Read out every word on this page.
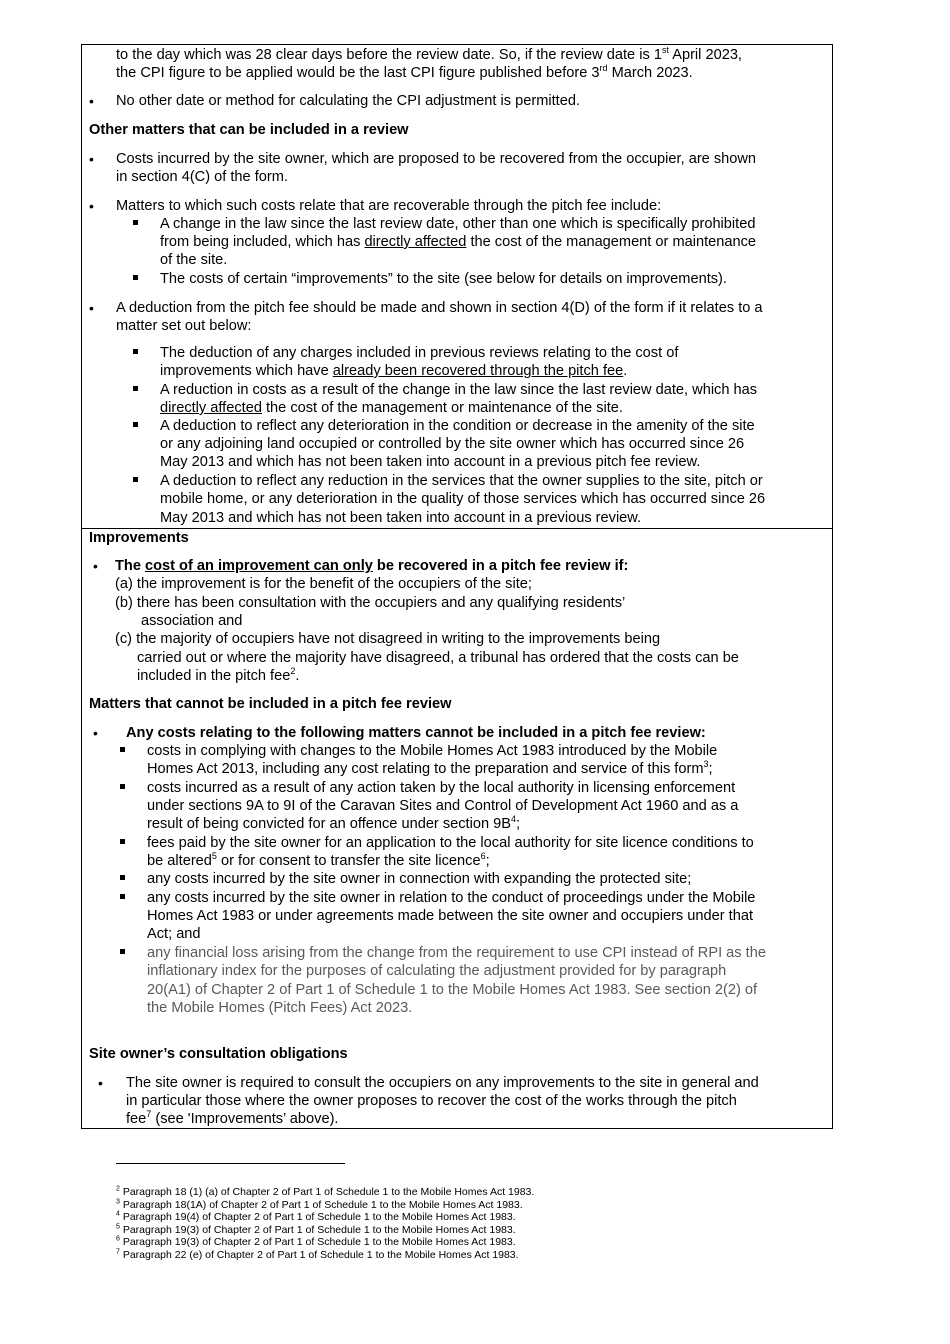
to the day which was 28 clear days before the review date. So, if the review date is 1st April 2023,

the CPI figure to be applied would be the last CPI figure published before 3rd March 2023.

• No other date or method for calculating the CPI adjustment is permitted.

Other matters that can be included in a review

• Costs incurred by the site owner, which are proposed to be recovered from the occupier, are shown

in section 4(C) of the form.

• Matters to which such costs relate that are recoverable through the pitch fee include:

A change in the law since the last review date, other than one which is specifically prohibited

from being included, which has directly affected the cost of the management or maintenance

of the site.

The costs of certain “improvements” to the site (see below for details on improvements).

• A deduction from the pitch fee should be made and shown in section 4(D) of the form if it relates to a

matter set out below:

The deduction of any charges included in previous reviews relating to the cost of

improvements which have already been recovered through the pitch fee.

A reduction in costs as a result of the change in the law since the last review date, which has

directly affected the cost of the management or maintenance of the site.

A deduction to reflect any deterioration in the condition or decrease in the amenity of the site

or any adjoining land occupied or controlled by the site owner which has occurred since 26

May 2013 and which has not been taken into account in a previous pitch fee review.

A deduction to reflect any reduction in the services that the owner supplies to the site, pitch or

mobile home, or any deterioration in the quality of those services which has occurred since 26

May 2013 and which has not been taken into account in a previous review.

Improvements

• The cost of an improvement can only be recovered in a pitch fee review if:

(a) the improvement is for the benefit of the occupiers of the site;

(b) there has been consultation with the occupiers and any qualifying residents’

association and

(c) the majority of occupiers have not disagreed in writing to the improvements being

carried out or where the majority have disagreed, a tribunal has ordered that the costs can be

included in the pitch fee$^2$.

Matters that cannot be included in a pitch fee review

• Any costs relating to the following matters cannot be included in a pitch fee review:

costs in complying with changes to the Mobile Homes Act 1983 introduced by the Mobile

Homes Act 2013, including any cost relating to the preparation and service of this form$^3$;

costs incurred as a result of any action taken by the local authority in licensing enforcement

under sections 9A to 9I of the Caravan Sites and Control of Development Act 1960 and as a

result of being convicted for an offence under section $9B^4$;

fees paid by the site owner for an application to the local authority for site licence conditions to

be altered$^5$ or for consent to transfer the site licence$^6$;

any costs incurred by the site owner in connection with expanding the protected site;

any costs incurred by the site owner in relation to the conduct of proceedings under the Mobile

Homes Act 1983 or under agreements made between the site owner and occupiers under that

Act; and

any financial loss arising from the change from the requirement to use CPI instead of RPI as the

inflationary index for the purposes of calculating the adjustment provided for by paragraph

20(A1) of Chapter 2 of Part 1 of Schedule 1 to the Mobile Homes Act 1983. See section 2(2) of

the Mobile Homes (Pitch Fees) Act 2023.

Site owner’s consultation obligations

• The site owner is required to consult the occupiers on any improvements to the site in general and

in particular those where the owner proposes to recover the cost of the works through the pitch

fee$^7$ (see 'Improvements’ above).

$^2$ Paragraph 18 (1) (a) of Chapter 2 of Part 1 of Schedule 1 to the Mobile Homes Act 1983.

$^3$ Paragraph 18(1A) of Chapter 2 of Part 1 of Schedule 1 to the Mobile Homes Act 1983.

$^4$ Paragraph 19(4) of Chapter 2 of Part 1 of Schedule 1 to the Mobile Homes Act 1983.

$^5$ Paragraph 19(3) of Chapter 2 of Part 1 of Schedule 1 to the Mobile Homes Act 1983.

$^6$ Paragraph 19(3) of Chapter 2 of Part 1 of Schedule 1 to the Mobile Homes Act 1983.

$^7$ Paragraph 22 (e) of Chapter 2 of Part 1 of Schedule 1 to the Mobile Homes Act 1983.
